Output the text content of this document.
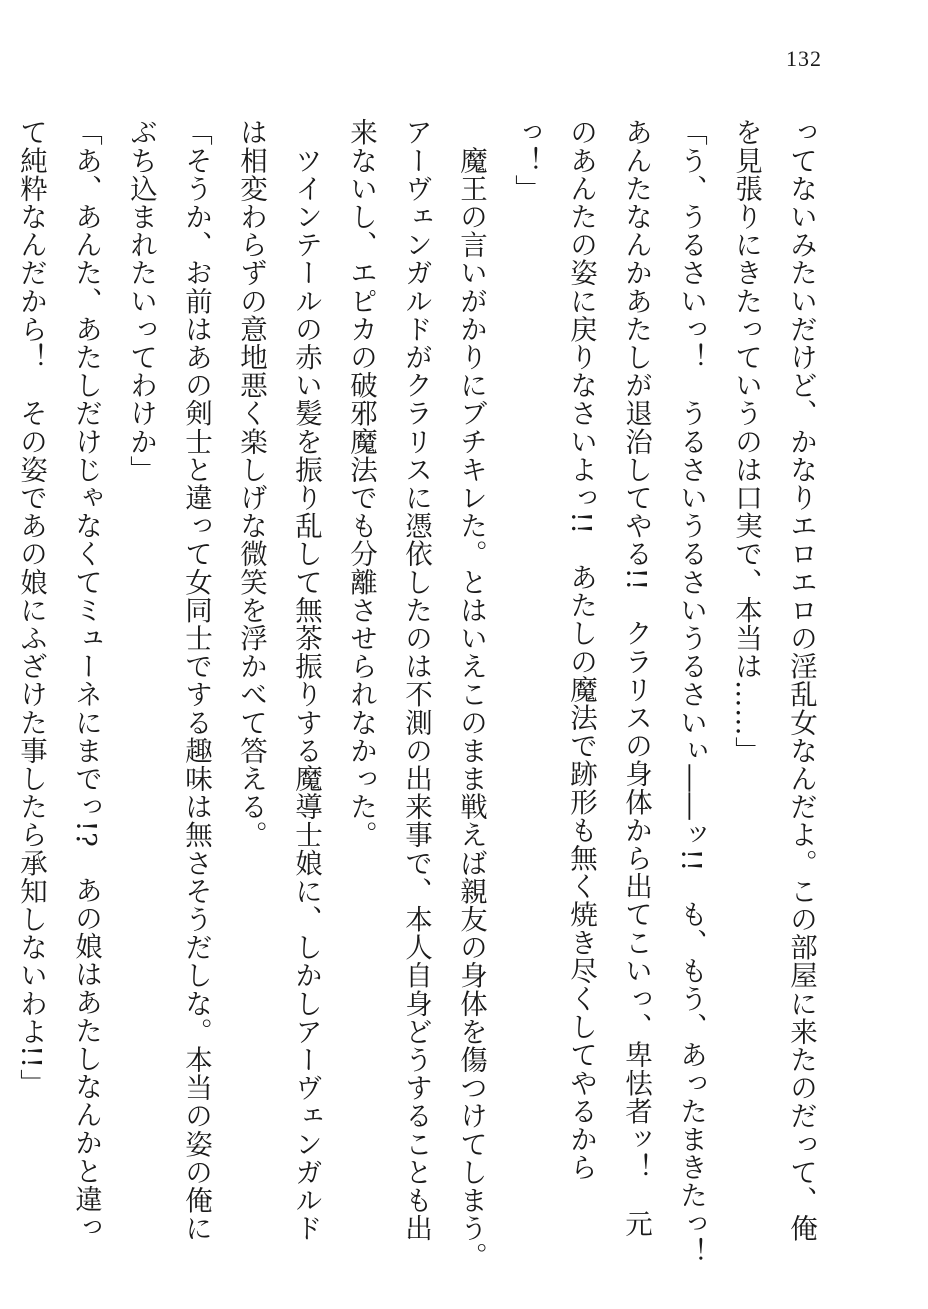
132
ってないみたいだけど、かなりエロエロの淫乱女なんだよ。この部屋に来たのだって、俺
を見張りにきたっていうのは口実で、本当は……」
「う、うるさいっ！　うるさいうるさいうるさいぃ――ッ!!　も、もう、あったまきたっ！
あんたなんかあたしが退治してやる!!　クラリスの身体から出てこいっ、卑怯者ッ！　元
のあんたの姿に戻りなさいよっ!!　あたしの魔法で跡形も無く焼き尽くしてやるから
っ！」
　魔王の言いがかりにブチキレた。とはいえこのまま戦えば親友の身体を傷つけてしまう。
アーヴェンガルドがクラリスに憑依したのは不測の出来事で、本人自身どうすることも出
来ないし、エピカの破邪魔法でも分離させられなかった。
　ツインテールの赤い髪を振り乱して無茶振りする魔導士娘に、しかしアーヴェンガルド
は相変わらずの意地悪く楽しげな微笑を浮かべて答える。
「そうか、お前はあの剣士と違って女同士でする趣味は無さそうだしな。本当の姿の俺に
ぶち込まれたいってわけか」
「あ、あんた、あたしだけじゃなくてミューネにまでっ!?　あの娘はあたしなんかと違っ
て純粋なんだから！　その姿であの娘にふざけた事したら承知しないわよ!!」
